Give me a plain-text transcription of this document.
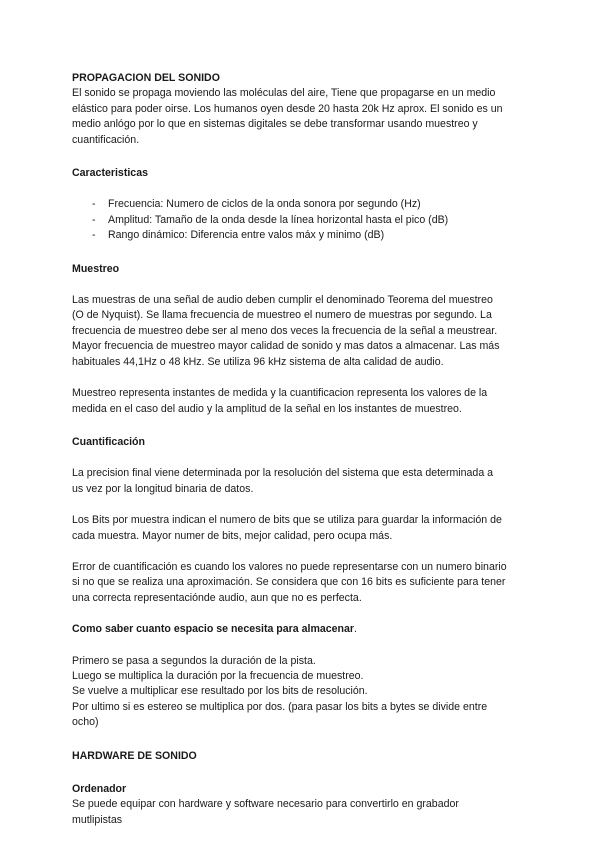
PROPAGACION DEL SONIDO

El sonido se propaga moviendo las moléculas del aire, Tiene que propagarse en un medio

elástico para poder oirse. Los humanos oyen desde 20 hasta 20k Hz aprox. El sonido es un

medio anlógo por lo que en sistemas digitales se debe transformar usando muestreo y

cuantificación.

Caracteristicas

- Frecuencia: Numero de ciclos de la onda sonora por segundo (Hz)
- Amplitud: Tamaño de la onda desde la línea horizontal hasta el pico (dB)
- Rango dinámico: Diferencia entre valos máx y minimo (dB)

Muestreo

Las muestras de una señal de audio deben cumplir el denominado Teorema del muestreo

(O de Nyquist). Se llama frecuencia de muestreo el numero de muestras por segundo. La

frecuencia de muestreo debe ser al meno dos veces la frecuencia de la señal a meustrear.

Mayor frecuencia de muestreo mayor calidad de sonido y mas datos a almacenar. Las más

habituales 44,1Hz o 48 kHz. Se utiliza 96 kHz sistema de alta calidad de audio.

Muestreo representa instantes de medida y la cuantificacion representa los valores de la

medida en el caso del audio y la amplitud de la señal en los instantes de muestreo.

Cuantificación

La precision final viene determinada por la resolución del sistema que esta determinada a

us vez por la longitud binaria de datos.

Los Bits por muestra indican el numero de bits que se utiliza para guardar la información de

cada muestra. Mayor numer de bits, mejor calidad, pero ocupa más.

Error de cuantificación es cuando los valores no puede representarse con un numero binario

si no que se realiza una aproximación. Se considera que con 16 bits es suficiente para tener

una correcta representaciónde audio, aun que no es perfecta.

Como saber cuanto espacio se necesita para almacenar.

Primero se pasa a segundos la duración de la pista.

Luego se multiplica la duración por la frecuencia de muestreo.

Se vuelve a multiplicar ese resultado por los bits de resolución.

Por ultimo si es estereo se multiplica por dos. (para pasar los bits a bytes se divide entre

ocho)

HARDWARE DE SONIDO

Ordenador

Se puede equipar con hardware y software necesario para convertirlo en grabador

mutlipistas
